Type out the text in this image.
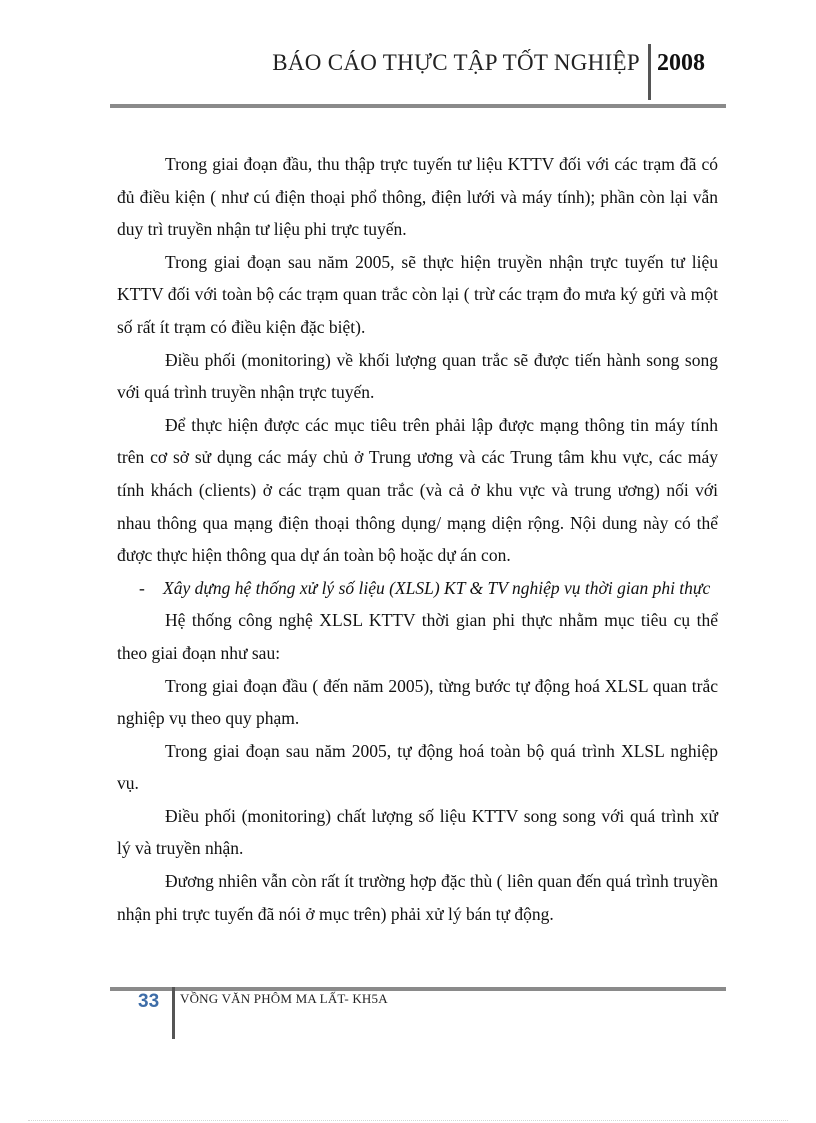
BÁO CÁO THỰC TẬP TỐT NGHIỆP 2008

Trong giai đoạn đầu, thu thập trực tuyến tư liệu KTTV đối với các trạm đã có đủ điều kiện ( như cú điện thoại phổ thông, điện lưới và máy tính); phần còn lại vẫn duy trì truyền nhận tư liệu phi trực tuyến.

Trong giai đoạn sau năm 2005, sẽ thực hiện truyền nhận trực tuyến tư liệu KTTV đối với toàn bộ các trạm quan trắc còn lại ( trừ các trạm đo mưa ký gửi và một số rất ít trạm có điều kiện đặc biệt).

Điều phối (monitoring) về khối lượng quan trắc sẽ được tiến hành song song với quá trình truyền nhận trực tuyến.

Để thực hiện được các mục tiêu trên phải lập được mạng thông tin máy tính trên cơ sở sử dụng các máy chủ ở Trung ương và các Trung tâm khu vực, các máy tính khách (clients) ở các trạm quan trắc (và cả ở khu vực và trung ương) nối với nhau thông qua mạng điện thoại thông dụng/ mạng diện rộng. Nội dung này có thể được thực hiện thông qua dự án toàn bộ hoặc dự án con.

- Xây dựng hệ thống xử lý số liệu (XLSL) KT & TV nghiệp vụ thời gian phi thực

Hệ thống công nghệ XLSL KTTV thời gian phi thực nhằm mục tiêu cụ thể theo giai đoạn như sau:

Trong giai đoạn đầu ( đến năm 2005), từng bước tự động hoá XLSL quan trắc nghiệp vụ theo quy phạm.

Trong giai đoạn sau năm 2005, tự động hoá toàn bộ quá trình XLSL nghiệp vụ.

Điều phối (monitoring) chất lượng số liệu KTTV song song với quá trình xử lý và truyền nhận.

Đương nhiên vẫn còn rất ít trường hợp đặc thù ( liên quan đến quá trình truyền nhận phi trực tuyến đã nói ở mục trên) phải xử lý bán tự động.

33 VỒNG VĂN PHÔM MA LẤT- KH5A
